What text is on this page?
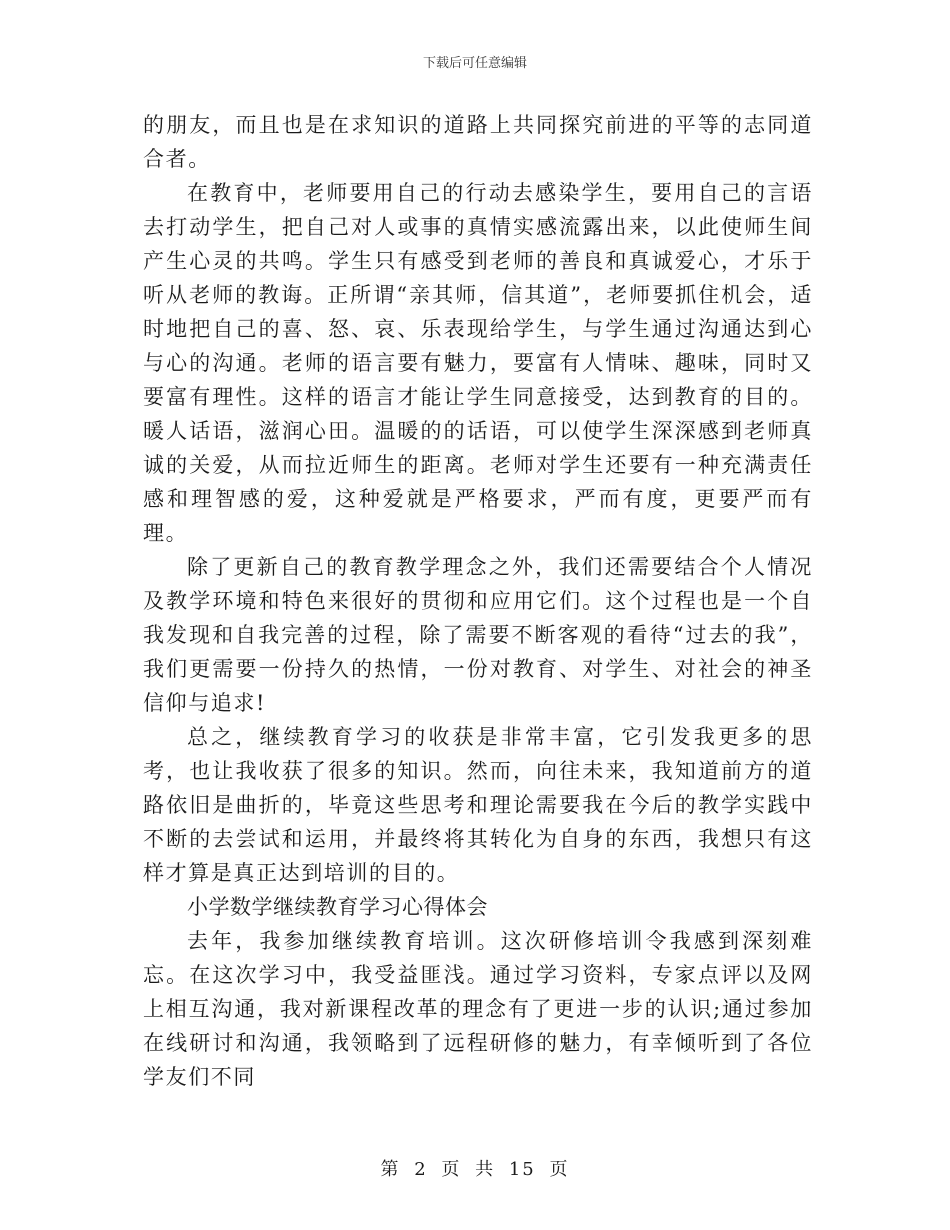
下载后可任意编辑

的朋友，而且也是在求知识的道路上共同探究前进的平等的志同道合者。

在教育中，老师要用自己的行动去感染学生，要用自己的言语去打动学生，把自己对人或事的真情实感流露出来，以此使师生间产生心灵的共鸣。学生只有感受到老师的善良和真诚爱心，才乐于听从老师的教诲。正所谓“亲其师，信其道”，老师要抓住机会，适时地把自己的喜、怒、哀、乐表现给学生，与学生通过沟通达到心与心的沟通。老师的语言要有魅力，要富有人情味、趣味，同时又要富有理性。这样的语言才能让学生同意接受，达到教育的目的。暖人话语，滋润心田。温暖的的话语，可以使学生深深感到老师真诚的关爱，从而拉近师生的距离。老师对学生还要有一种充满责任感和理智感的爱，这种爱就是严格要求，严而有度，更要严而有理。

除了更新自己的教育教学理念之外，我们还需要结合个人情况及教学环境和特色来很好的贯彻和应用它们。这个过程也是一个自我发现和自我完善的过程，除了需要不断客观的看待“过去的我”，我们更需要一份持久的热情，一份对教育、对学生、对社会的神圣信仰与追求!

总之，继续教育学习的收获是非常丰富，它引发我更多的思考，也让我收获了很多的知识。然而，向往未来，我知道前方的道路依旧是曲折的，毕竟这些思考和理论需要我在今后的教学实践中不断的去尝试和运用，并最终将其转化为自身的东西，我想只有这样才算是真正达到培训的目的。

小学数学继续教育学习心得体会

去年，我参加继续教育培训。这次研修培训令我感到深刻难忘。在这次学习中，我受益匪浅。通过学习资料，专家点评以及网上相互沟通，我对新课程改革的理念有了更进一步的认识;通过参加在线研讨和沟通，我领略到了远程研修的魅力，有幸倾听到了各位学友们不同

第 2 页 共 15 页
